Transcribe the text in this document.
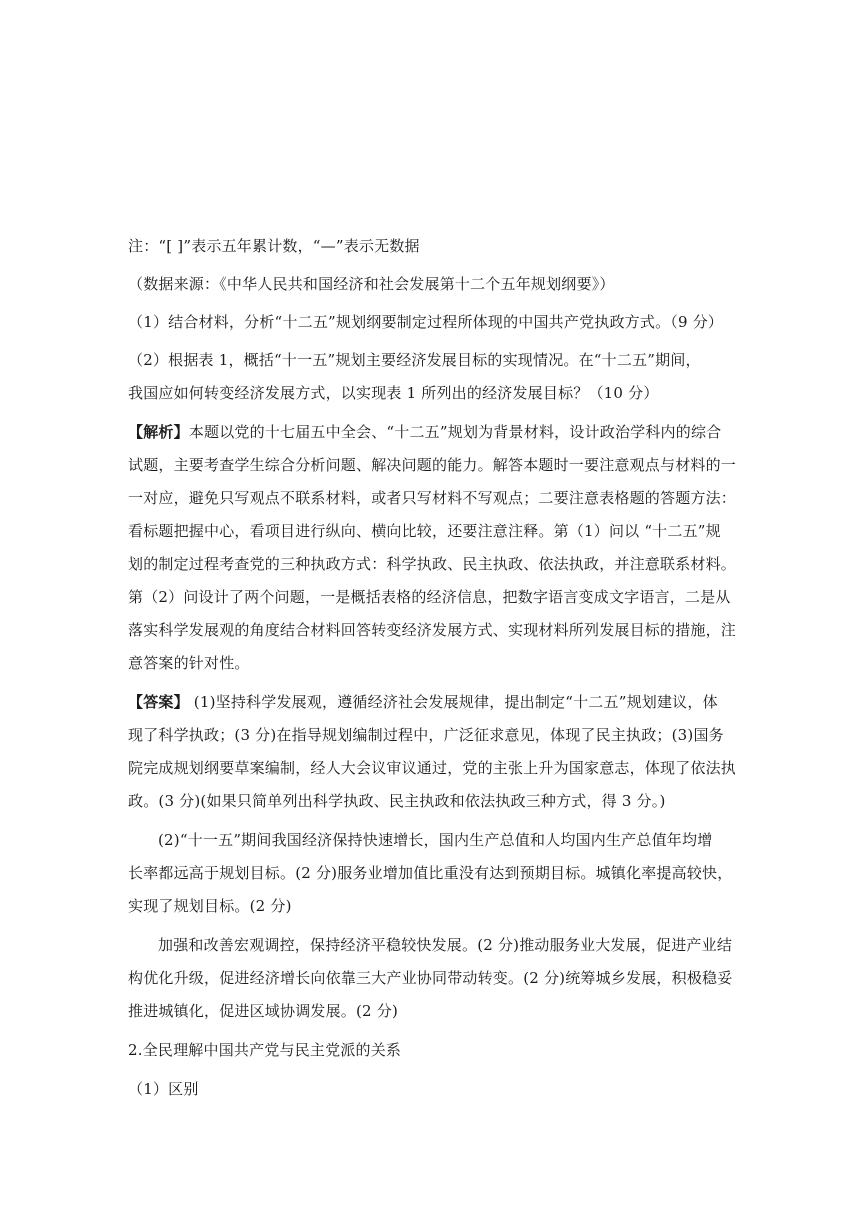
注：“[ ]”表示五年累计数，“—”表示无数据
（数据来源：《中华人民共和国经济和社会发展第十二个五年规划纲要》）
（1）结合材料，分析“十二五”规划纲要制定过程所体现的中国共产党执政方式。（9 分）
（2）根据表 1，概括“十一五”规划主要经济发展目标的实现情况。在“十二五”期间，
我国应如何转变经济发展方式，以实现表 1 所列出的经济发展目标？（10 分）
【解析】本题以党的十七届五中全会、“十二五”规划为背景材料，设计政治学科内的综合
试题，主要考查学生综合分析问题、解决问题的能力。解答本题时一要注意观点与材料的一
一对应，避免只写观点不联系材料，或者只写材料不写观点；二要注意表格题的答题方法：
看标题把握中心，看项目进行纵向、横向比较，还要注意注释。第（1）问以 “十二五”规
划的制定过程考查党的三种执政方式：科学执政、民主执政、依法执政，并注意联系材料。
第（2）问设计了两个问题，一是概括表格的经济信息，把数字语言变成文字语言，二是从
落实科学发展观的角度结合材料回答转变经济发展方式、实现材料所列发展目标的措施，注
意答案的针对性。
【答案】 (1)坚持科学发展观，遵循经济社会发展规律，提出制定“十二五”规划建议，体
现了科学执政；(3 分)在指导规划编制过程中，广泛征求意见，体现了民主执政；(3)国务
院完成规划纲要草案编制，经人大会议审议通过，党的主张上升为国家意志，体现了依法执
政。(3 分)(如果只简单列出科学执政、民主执政和依法执政三种方式，得 3 分。)
(2)“十一五”期间我国经济保持快速增长，国内生产总值和人均国内生产总值年均增
长率都远高于规划目标。(2 分)服务业增加值比重没有达到预期目标。城镇化率提高较快，
实现了规划目标。(2 分)
加强和改善宏观调控，保持经济平稳较快发展。(2 分)推动服务业大发展，促进产业结
构优化升级，促进经济增长向依靠三大产业协同带动转变。(2 分)统筹城乡发展，积极稳妥
推进城镇化，促进区域协调发展。(2 分)
2.全民理解中国共产党与民主党派的关系
（1）区别
